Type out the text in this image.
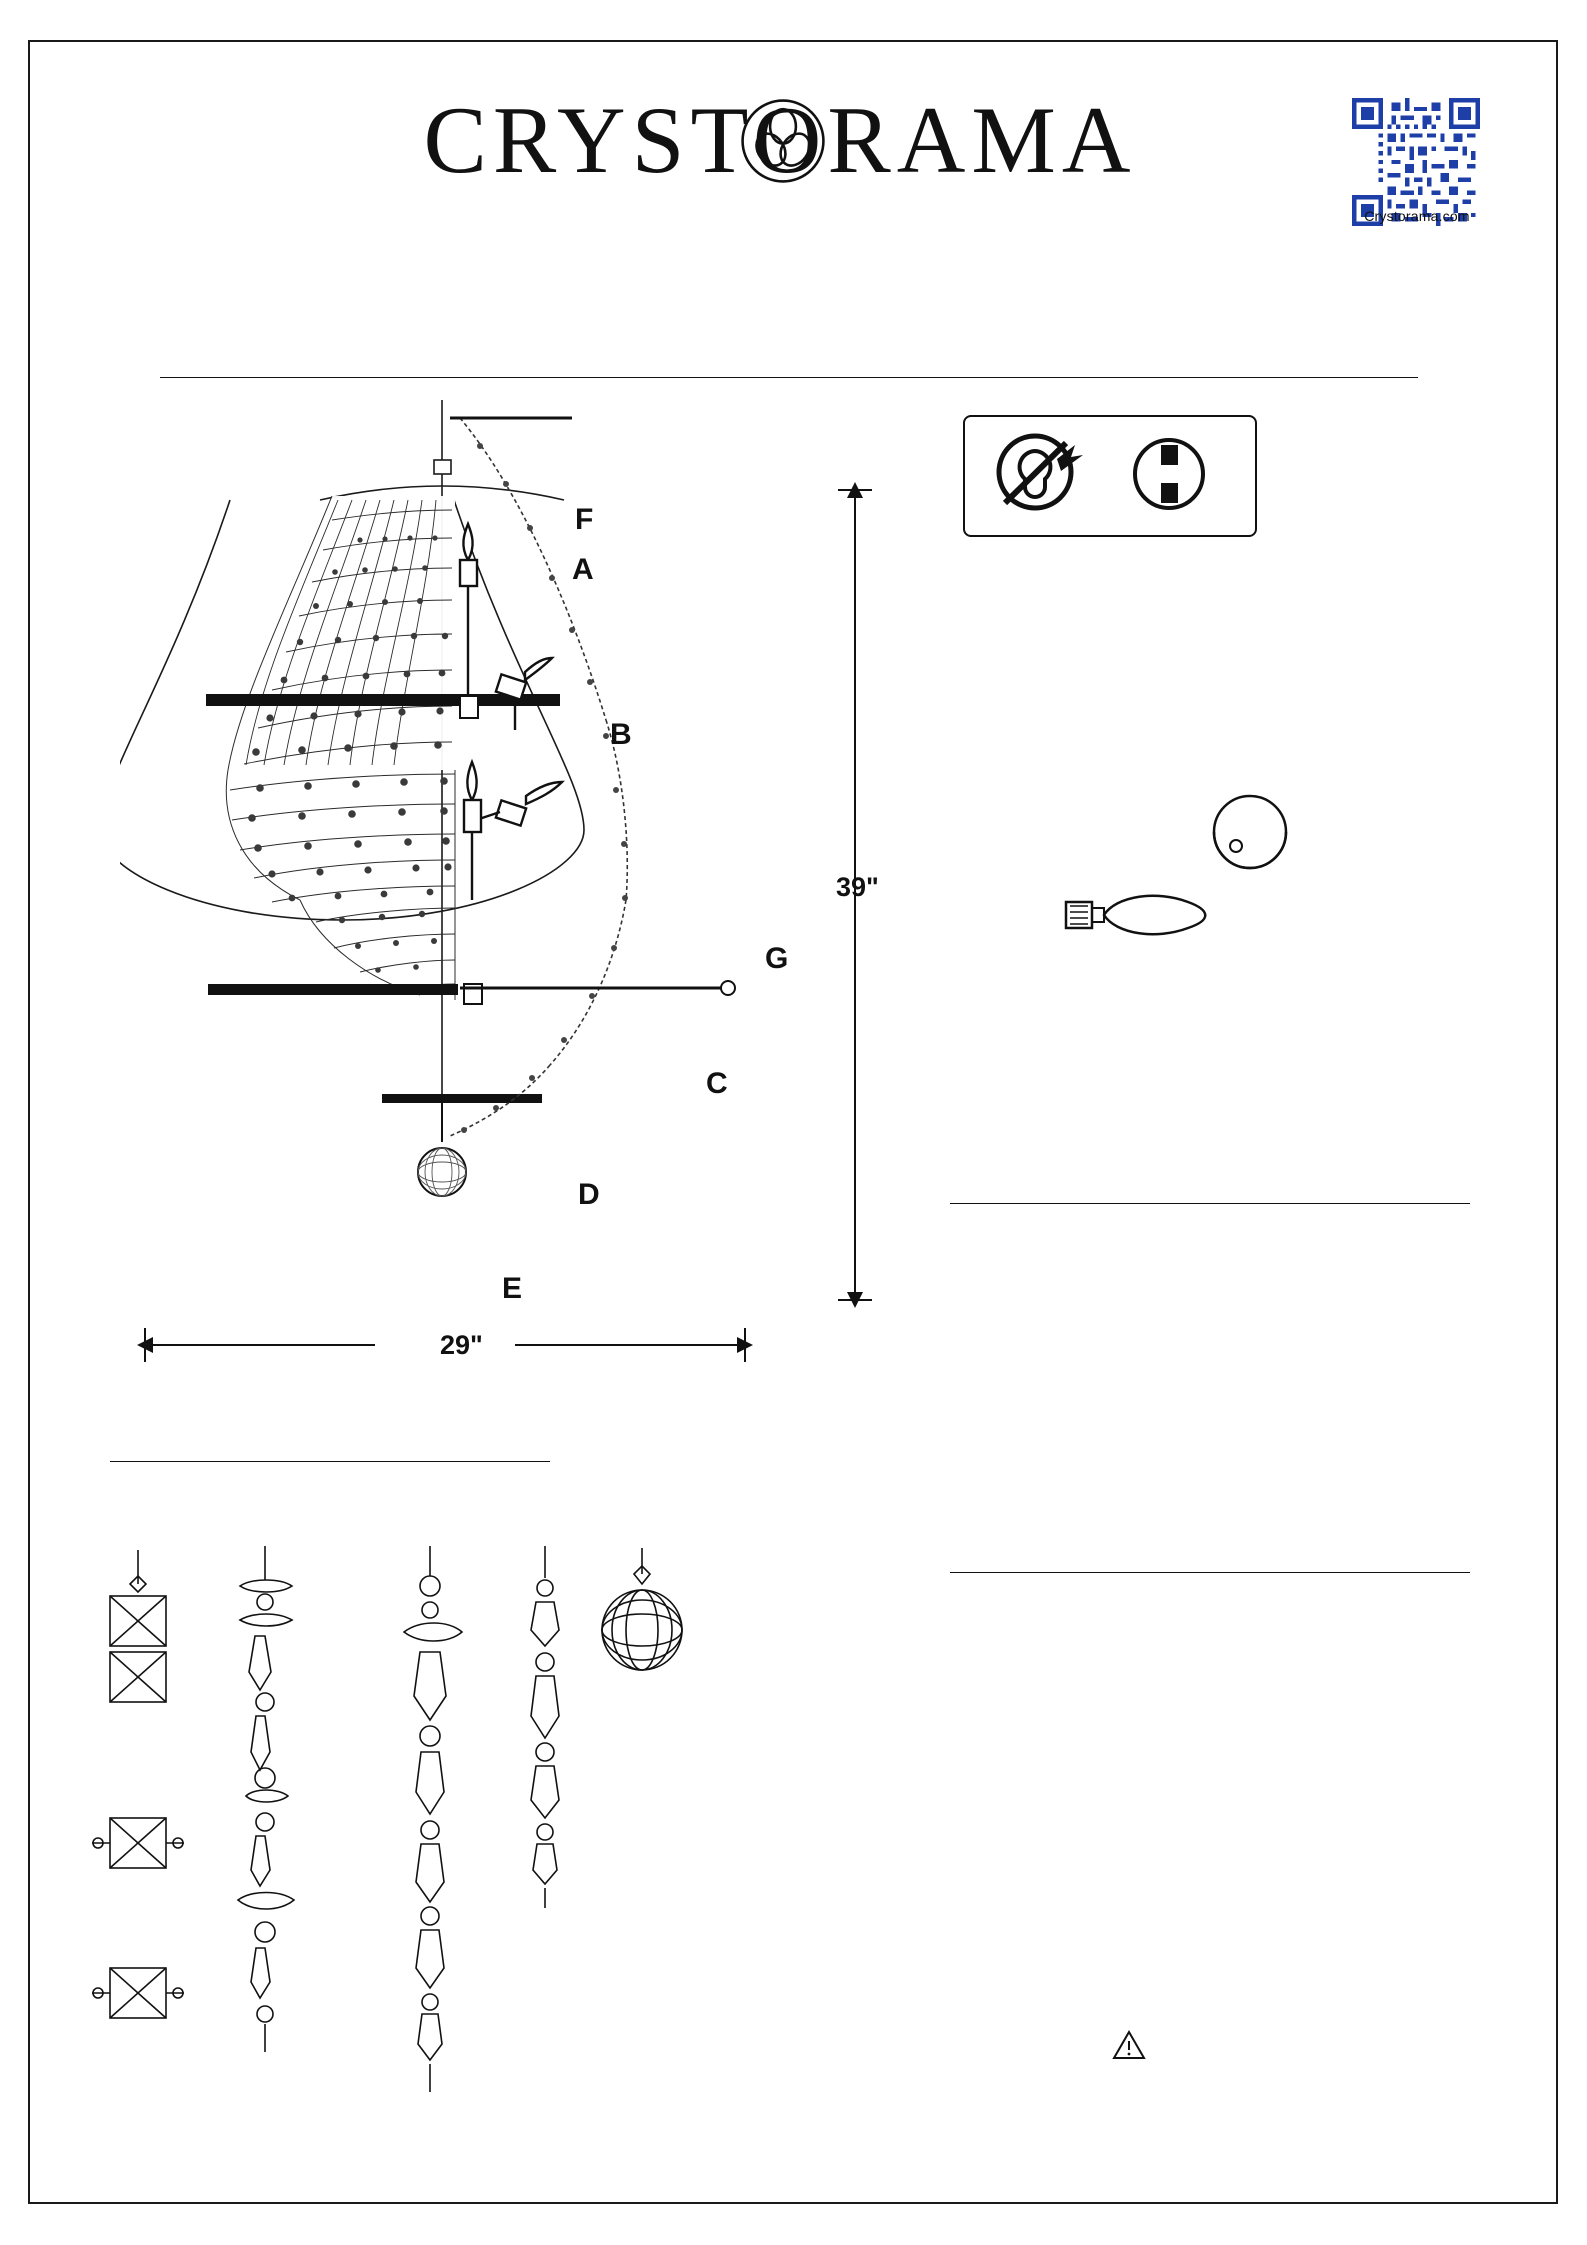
CRYSTORAMA
Crystorama.com
A
B
C
D
E
F
G
39"
29"
